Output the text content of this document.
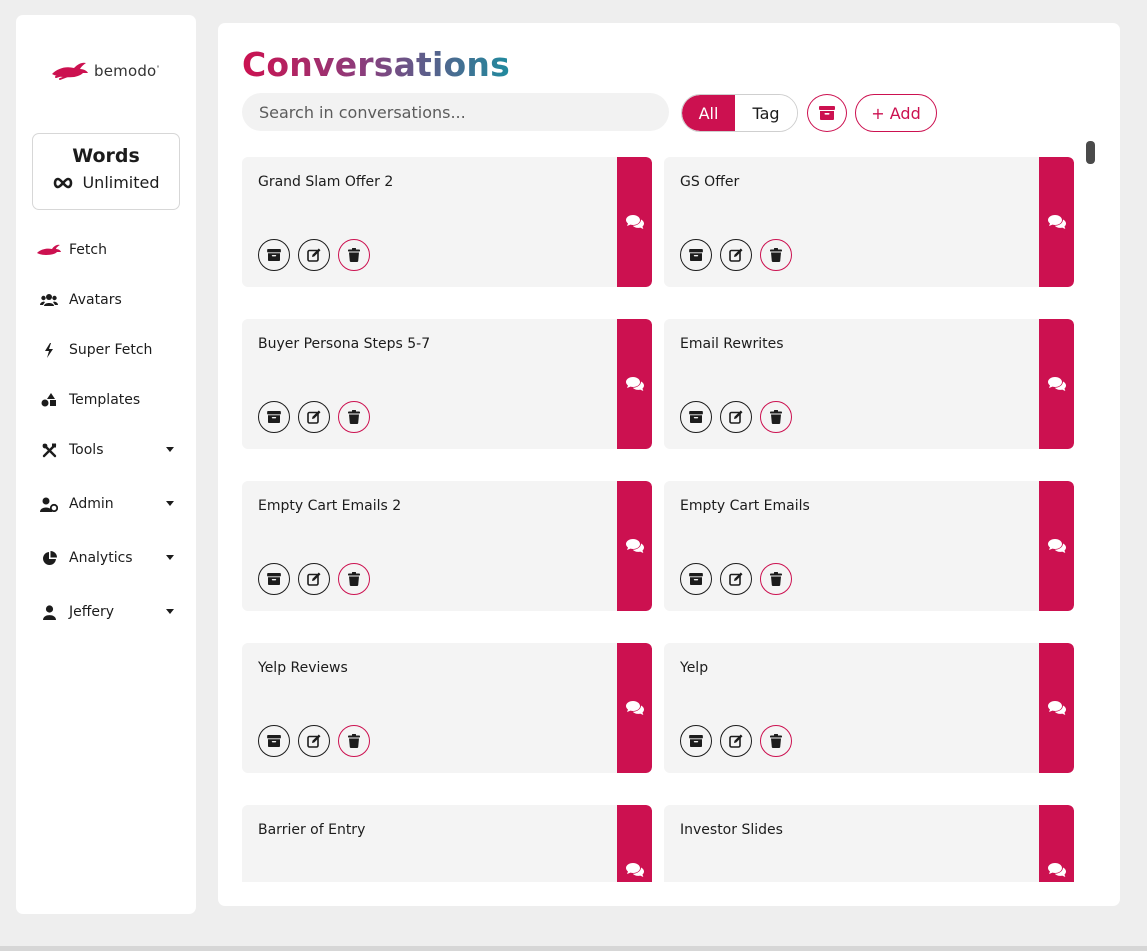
bemodo°
Words
Unlimited
Fetch
Avatars
Super Fetch
Templates
Tools
Admin
Analytics
Jeffery
Conversations
Search in conversations...
All	Tag	+ Add
Grand Slam Offer 2	GS Offer
Buyer Persona Steps 5-7	Email Rewrites
Empty Cart Emails 2	Empty Cart Emails
Yelp Reviews	Yelp
Barrier of Entry	Investor Slides
